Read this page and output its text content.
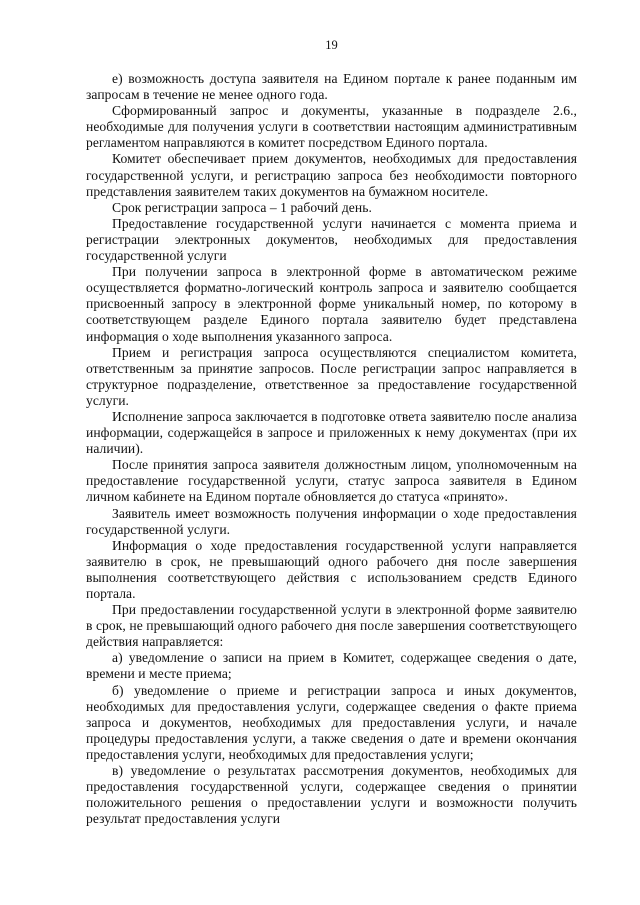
19

е) возможность доступа заявителя на Едином портале к ранее поданным им запросам в течение не менее одного года.

Сформированный запрос и документы, указанные в подразделе 2.6., необходимые для получения услуги в соответствии настоящим административным регламентом направляются в комитет посредством Единого портала.

Комитет обеспечивает прием документов, необходимых для предоставления государственной услуги, и регистрацию запроса без необходимости повторного представления заявителем таких документов на бумажном носителе.

Срок регистрации запроса – 1 рабочий день.

Предоставление государственной услуги начинается с момента приема и регистрации электронных документов, необходимых для предоставления государственной услуги

При получении запроса в электронной форме в автоматическом режиме осуществляется форматно-логический контроль запроса и заявителю сообщается присвоенный запросу в электронной форме уникальный номер, по которому в соответствующем разделе Единого портала заявителю будет представлена информация о ходе выполнения указанного запроса.

Прием и регистрация запроса осуществляются специалистом комитета, ответственным за принятие запросов. После регистрации запрос направляется в структурное подразделение, ответственное за предоставление государственной услуги.

Исполнение запроса заключается в подготовке ответа заявителю после анализа информации, содержащейся в запросе и приложенных к нему документах (при их наличии).

После принятия запроса заявителя должностным лицом, уполномоченным на предоставление государственной услуги, статус запроса заявителя в Едином личном кабинете на Едином портале обновляется до статуса «принято».

Заявитель имеет возможность получения информации о ходе предоставления государственной услуги.

Информация о ходе предоставления государственной услуги направляется заявителю в срок, не превышающий одного рабочего дня после завершения выполнения соответствующего действия с использованием средств Единого портала.

При предоставлении государственной услуги в электронной форме заявителю в срок, не превышающий одного рабочего дня после завершения соответствующего действия направляется:

а) уведомление о записи на прием в Комитет, содержащее сведения о дате, времени и месте приема;

б) уведомление о приеме и регистрации запроса и иных документов, необходимых для предоставления услуги, содержащее сведения о факте приема запроса и документов, необходимых для предоставления услуги, и начале процедуры предоставления услуги, а также сведения о дате и времени окончания предоставления услуги, необходимых для предоставления услуги;

в) уведомление о результатах рассмотрения документов, необходимых для предоставления государственной услуги, содержащее сведения о принятии положительного решения о предоставлении услуги и возможности получить результат предоставления услуги
